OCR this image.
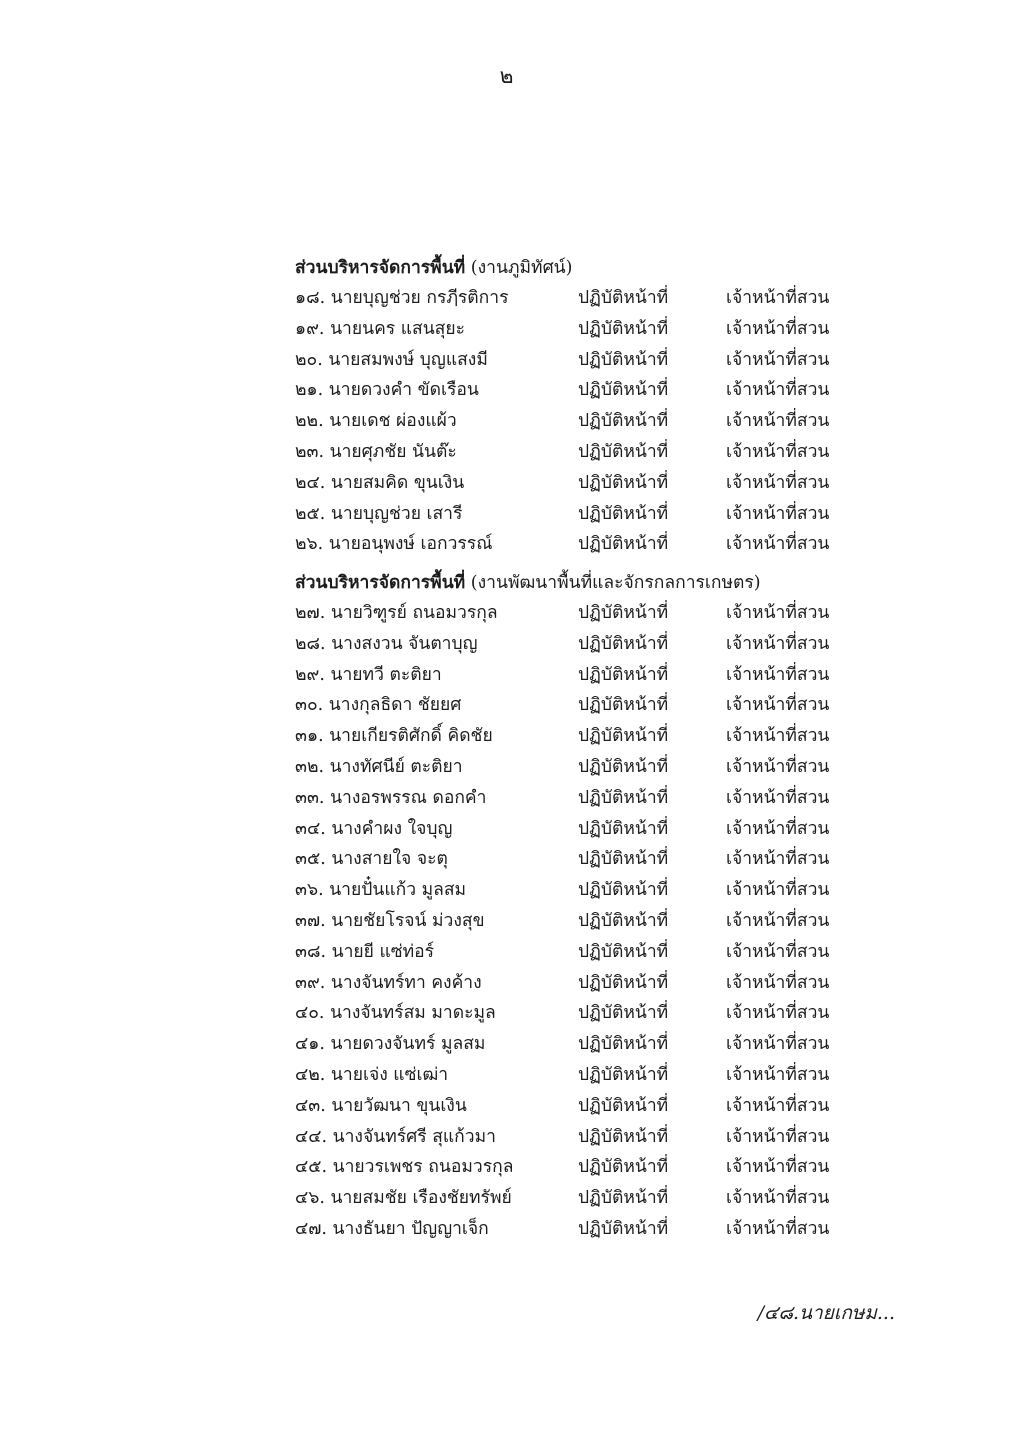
๒
ส่วนบริหารจัดการพื้นที่ (งานภูมิทัศน์)
๑๘. นายบุญช่วย กรฦีรติการ	ปฏิบัติหน้าที่	เจ้าหน้าที่สวน
๑๙. นายนคร แสนสุยะ	ปฏิบัติหน้าที่	เจ้าหน้าที่สวน
๒๐. นายสมพงษ์ บุญแสงมี	ปฏิบัติหน้าที่	เจ้าหน้าที่สวน
๒๑. นายดวงคำ ขัดเรือน	ปฏิบัติหน้าที่	เจ้าหน้าที่สวน
๒๒. นายเดช ผ่องแผ้ว	ปฏิบัติหน้าที่	เจ้าหน้าที่สวน
๒๓. นายศุภชัย นันต๊ะ	ปฏิบัติหน้าที่	เจ้าหน้าที่สวน
๒๔. นายสมคิด ขุนเงิน	ปฏิบัติหน้าที่	เจ้าหน้าที่สวน
๒๕. นายบุญช่วย เสารี	ปฏิบัติหน้าที่	เจ้าหน้าที่สวน
๒๖. นายอนุพงษ์ เอกวรรณ์	ปฏิบัติหน้าที่	เจ้าหน้าที่สวน
ส่วนบริหารจัดการพื้นที่ (งานพัฒนาพื้นที่และจักรกลการเกษตร)
๒๗. นายวิฑูรย์ ถนอมวรกุล	ปฏิบัติหน้าที่	เจ้าหน้าที่สวน
๒๘. นางสงวน จันตาบุญ	ปฏิบัติหน้าที่	เจ้าหน้าที่สวน
๒๙. นายทวี ตะติยา	ปฏิบัติหน้าที่	เจ้าหน้าที่สวน
๓๐. นางกุลธิดา ชัยยศ	ปฏิบัติหน้าที่	เจ้าหน้าที่สวน
๓๑. นายเกียรติศักดิ์ คิดชัย	ปฏิบัติหน้าที่	เจ้าหน้าที่สวน
๓๒. นางทัศนีย์ ตะติยา	ปฏิบัติหน้าที่	เจ้าหน้าที่สวน
๓๓. นางอรพรรณ ดอกคำ	ปฏิบัติหน้าที่	เจ้าหน้าที่สวน
๓๔. นางคำผง ใจบุญ	ปฏิบัติหน้าที่	เจ้าหน้าที่สวน
๓๕. นางสายใจ จะตุ	ปฏิบัติหน้าที่	เจ้าหน้าที่สวน
๓๖. นายปั๋นแก้ว มูลสม	ปฏิบัติหน้าที่	เจ้าหน้าที่สวน
๓๗. นายชัยโรจน์ ม่วงสุข	ปฏิบัติหน้าที่	เจ้าหน้าที่สวน
๓๘. นายยี แซ่ท่อร์	ปฏิบัติหน้าที่	เจ้าหน้าที่สวน
๓๙. นางจันทร์ทา คงค้าง	ปฏิบัติหน้าที่	เจ้าหน้าที่สวน
๔๐. นางจันทร์สม มาดะมูล	ปฏิบัติหน้าที่	เจ้าหน้าที่สวน
๔๑. นายดวงจันทร์ มูลสม	ปฏิบัติหน้าที่	เจ้าหน้าที่สวน
๔๒. นายเจ่ง แซ่เฒ่า	ปฏิบัติหน้าที่	เจ้าหน้าที่สวน
๔๓. นายวัฒนา ขุนเงิน	ปฏิบัติหน้าที่	เจ้าหน้าที่สวน
๔๔. นางจันทร์ศรี สุแก้วมา	ปฏิบัติหน้าที่	เจ้าหน้าที่สวน
๔๕. นายวรเพชร ถนอมวรกุล	ปฏิบัติหน้าที่	เจ้าหน้าที่สวน
๔๖. นายสมชัย เรืองชัยทรัพย์	ปฏิบัติหน้าที่	เจ้าหน้าที่สวน
๔๗. นางธันยา ปัญญาเจ็ก	ปฏิบัติหน้าที่	เจ้าหน้าที่สวน
/๔๘.นายเกษม...
